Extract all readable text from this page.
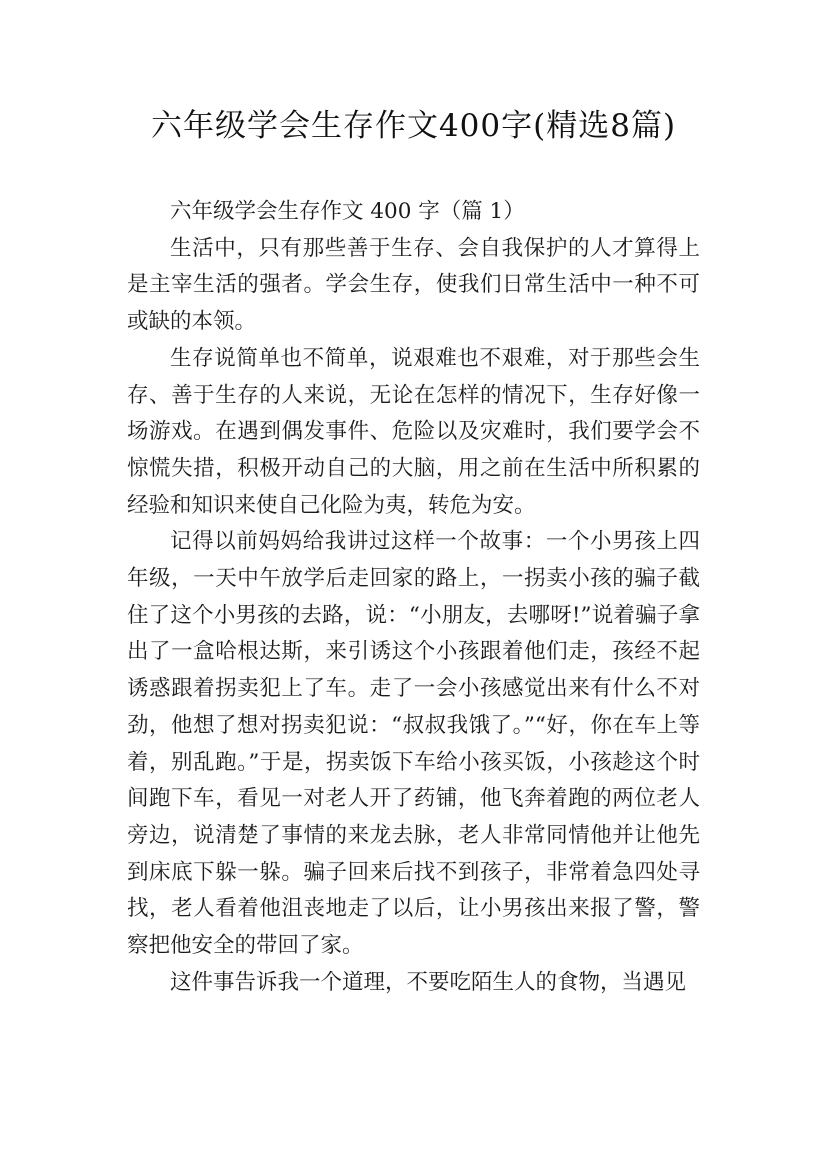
六年级学会生存作文400字(精选8篇)

六年级学会生存作文 400 字（篇 1）

生活中，只有那些善于生存、会自我保护的人才算得上是主宰生活的强者。学会生存，使我们日常生活中一种不可或缺的本领。

生存说简单也不简单，说艰难也不艰难，对于那些会生存、善于生存的人来说，无论在怎样的情况下，生存好像一场游戏。在遇到偶发事件、危险以及灾难时，我们要学会不惊慌失措，积极开动自己的大脑，用之前在生活中所积累的经验和知识来使自己化险为夷，转危为安。

记得以前妈妈给我讲过这样一个故事：一个小男孩上四年级，一天中午放学后走回家的路上，一拐卖小孩的骗子截住了这个小男孩的去路，说：“小朋友，去哪呀!”说着骗子拿出了一盒哈根达斯，来引诱这个小孩跟着他们走，孩经不起诱惑跟着拐卖犯上了车。走了一会小孩感觉出来有什么不对劲，他想了想对拐卖犯说：“叔叔我饿了。”“好，你在车上等着，别乱跑。”于是，拐卖饭下车给小孩买饭，小孩趁这个时间跑下车，看见一对老人开了药铺，他飞奔着跑的两位老人旁边，说清楚了事情的来龙去脉，老人非常同情他并让他先到床底下躲一躲。骗子回来后找不到孩子，非常着急四处寻找，老人看着他沮丧地走了以后，让小男孩出来报了警，警察把他安全的带回了家。

这件事告诉我一个道理，不要吃陌生人的食物，当遇见
